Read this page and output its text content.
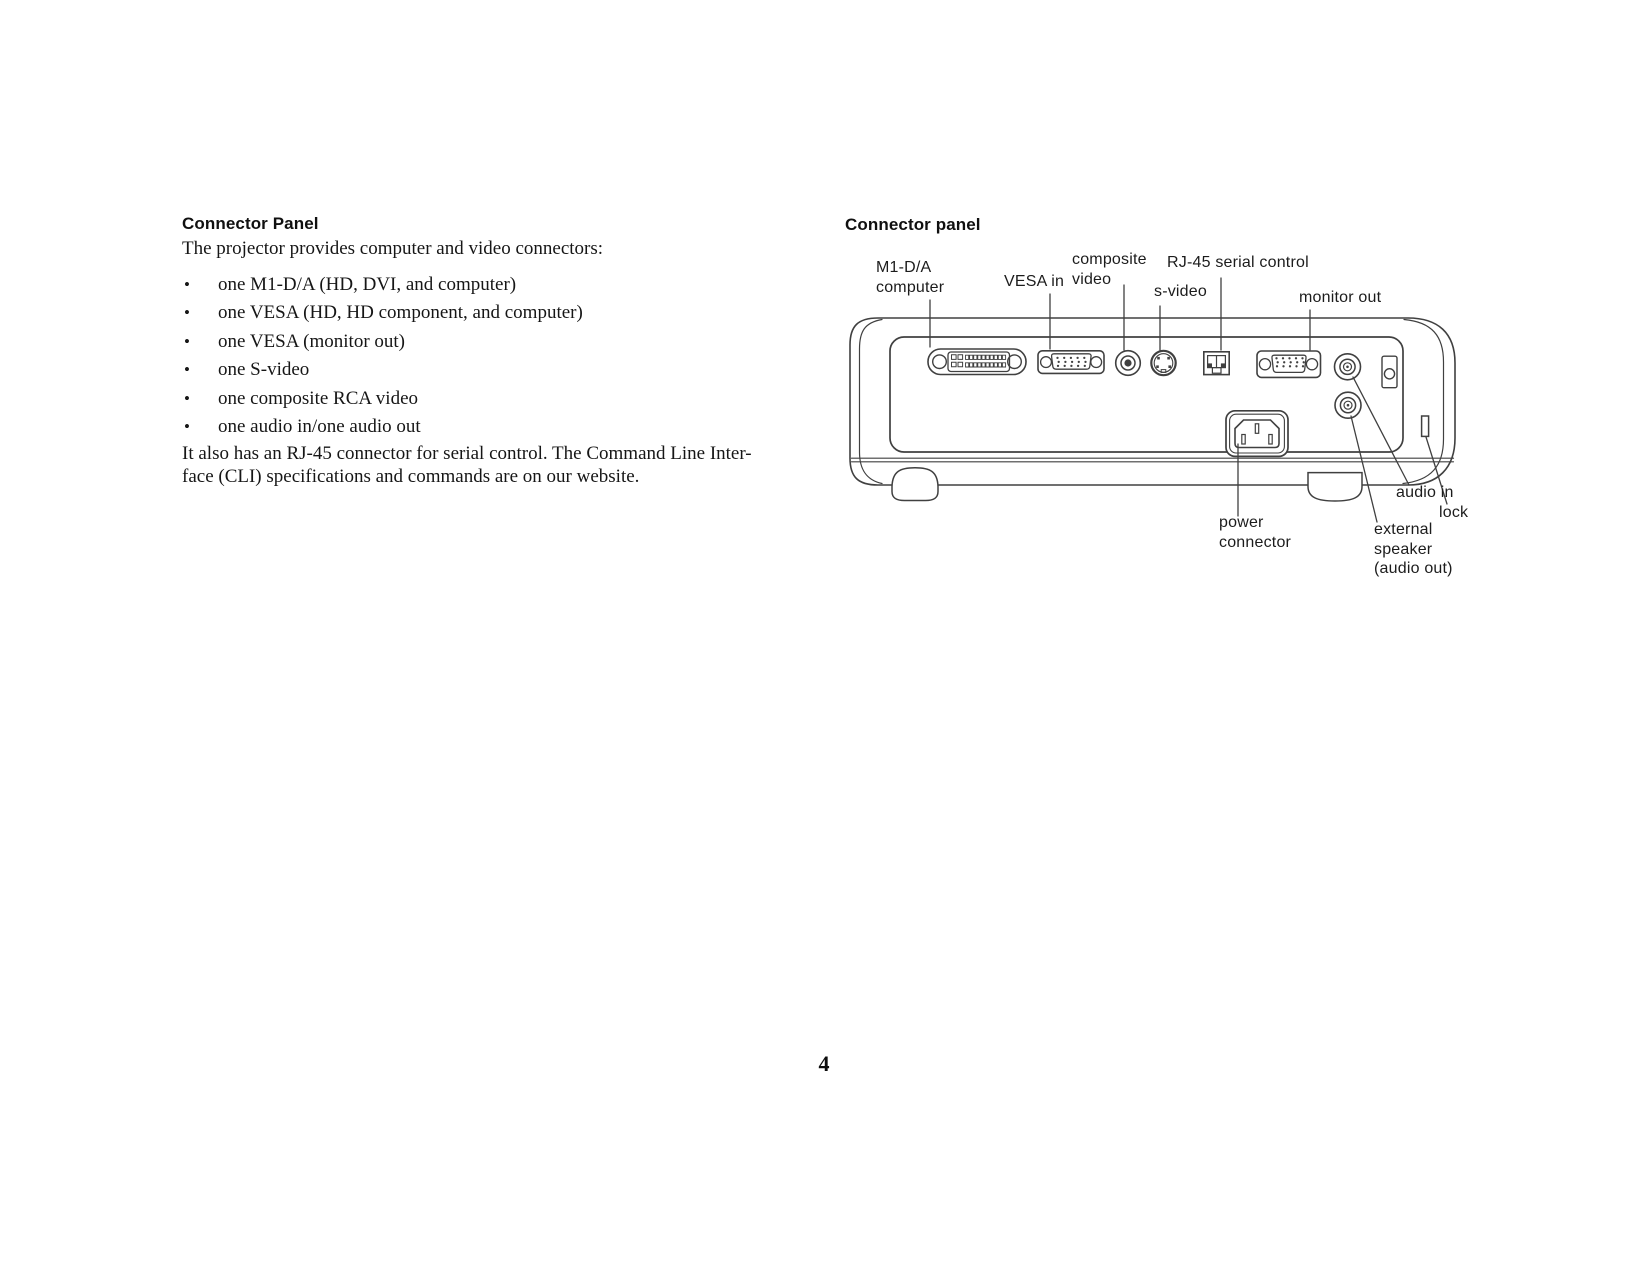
Connector Panel

The projector provides computer and video connectors:

•	one M1-D/A (HD, DVI, and computer)
•	one VESA (HD, HD component, and computer)
•	one VESA (monitor out)
•	one S-video
•	one composite RCA video
•	one audio in/one audio out

It also has an RJ-45 connector for serial control. The Command Line Inter-
face (CLI) specifications and commands are on our website.

Connector panel
M1-D/A
computer	VESA in
composite
video
s-video
RJ-45 serial control
monitor out
power
connector
audio in
lock
external
speaker
(audio out)
4
